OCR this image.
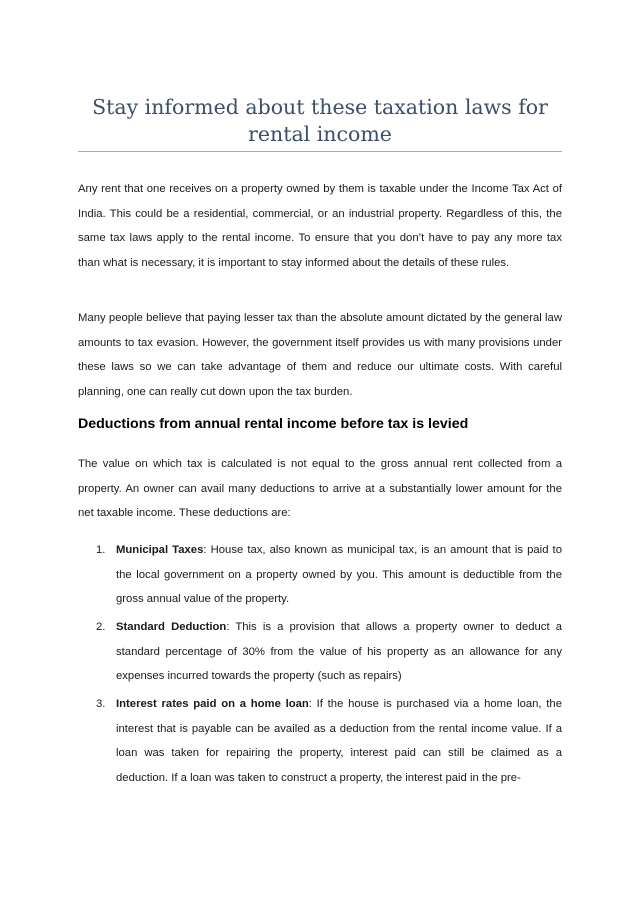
Stay informed about these taxation laws for rental income

Any rent that one receives on a property owned by them is taxable under the Income Tax Act of India. This could be a residential, commercial, or an industrial property. Regardless of this, the same tax laws apply to the rental income. To ensure that you don’t have to pay any more tax than what is necessary, it is important to stay informed about the details of these rules.

Many people believe that paying lesser tax than the absolute amount dictated by the general law amounts to tax evasion. However, the government itself provides us with many provisions under these laws so we can take advantage of them and reduce our ultimate costs. With careful planning, one can really cut down upon the tax burden.

Deductions from annual rental income before tax is levied

The value on which tax is calculated is not equal to the gross annual rent collected from a property. An owner can avail many deductions to arrive at a substantially lower amount for the net taxable income. These deductions are:

1. Municipal Taxes: House tax, also known as municipal tax, is an amount that is paid to the local government on a property owned by you. This amount is deductible from the gross annual value of the property.
2. Standard Deduction: This is a provision that allows a property owner to deduct a standard percentage of 30% from the value of his property as an allowance for any expenses incurred towards the property (such as repairs)
3. Interest rates paid on a home loan: If the house is purchased via a home loan, the interest that is payable can be availed as a deduction from the rental income value. If a loan was taken for repairing the property, interest paid can still be claimed as a deduction. If a loan was taken to construct a property, the interest paid in the pre-
